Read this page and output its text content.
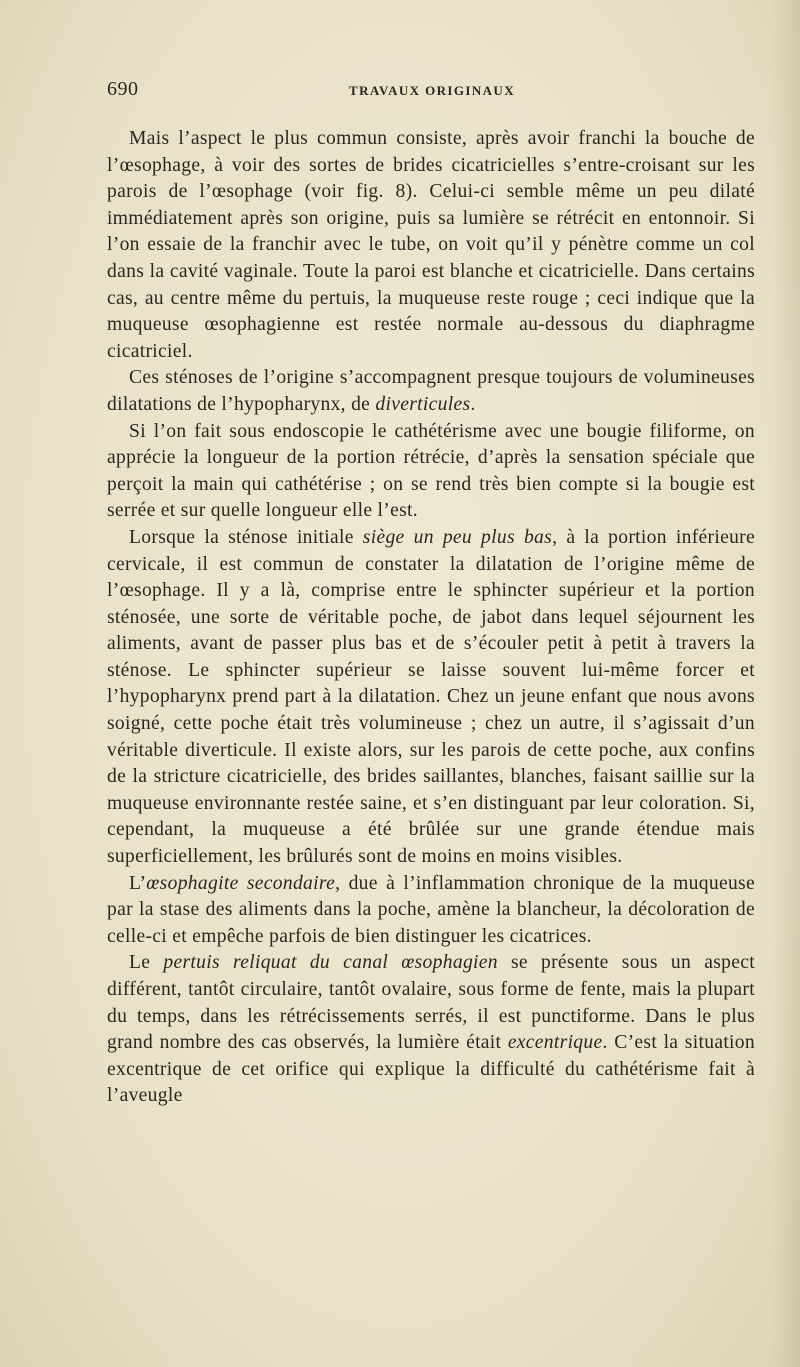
690	TRAVAUX ORIGINAUX

Mais l’aspect le plus commun consiste, après avoir franchi la bouche de l’œsophage, à voir des sortes de brides cicatricielles s’entre-croisant sur les parois de l’œsophage (voir fig. 8). Celui-ci semble même un peu dilaté immédiatement après son origine, puis sa lumière se rétrécit en entonnoir. Si l’on essaie de la franchir avec le tube, on voit qu’il y pénètre comme un col dans la cavité vaginale. Toute la paroi est blanche et cicatricielle. Dans certains cas, au centre même du pertuis, la muqueuse reste rouge ; ceci indique que la muqueuse œsophagienne est restée normale au-dessous du diaphragme cicatriciel.

Ces sténoses de l’origine s’accompagnent presque toujours de volumineuses dilatations de l’hypopharynx, de diverticules.

Si l’on fait sous endoscopie le cathétérisme avec une bougie filiforme, on apprécie la longueur de la portion rétrécie, d’après la sensation spéciale que perçoit la main qui cathétérise ; on se rend très bien compte si la bougie est serrée et sur quelle longueur elle l’est.

Lorsque la sténose initiale siège un peu plus bas, à la portion inférieure cervicale, il est commun de constater la dilatation de l’origine même de l’œsophage. Il y a là, comprise entre le sphincter supérieur et la portion sténosée, une sorte de véritable poche, de jabot dans lequel séjournent les aliments, avant de passer plus bas et de s’écouler petit à petit à travers la sténose. Le sphincter supérieur se laisse souvent lui-même forcer et l’hypopharynx prend part à la dilatation. Chez un jeune enfant que nous avons soigné, cette poche était très volumineuse ; chez un autre, il s’agissait d’un véritable diverticule. Il existe alors, sur les parois de cette poche, aux confins de la stricture cicatricielle, des brides saillantes, blanches, faisant saillie sur la muqueuse environnante restée saine, et s’en distinguant par leur coloration. Si, cependant, la muqueuse a été brûlée sur une grande étendue mais superficiellement, les brûlurés sont de moins en moins visibles.

L’œsophagite secondaire, due à l’inflammation chronique de la muqueuse par la stase des aliments dans la poche, amène la blancheur, la décoloration de celle-ci et empêche parfois de bien distinguer les cicatrices.

Le pertuis reliquat du canal œsophagien se présente sous un aspect différent, tantôt circulaire, tantôt ovalaire, sous forme de fente, mais la plupart du temps, dans les rétrécissements serrés, il est punctiforme. Dans le plus grand nombre des cas observés, la lumière était excentrique. C’est la situation excentrique de cet orifice qui explique la difficulté du cathétérisme fait à l’aveugle
